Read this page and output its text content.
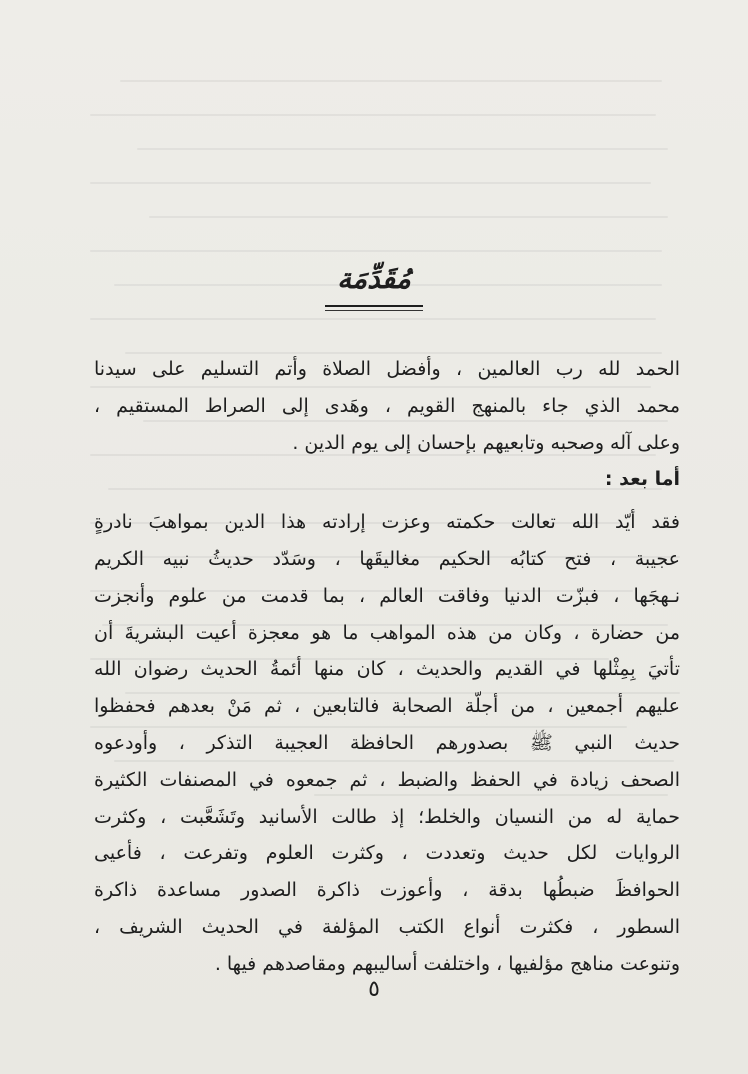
مُقَدِّمَة
الحمد لله رب العالمين ، وأفضل الصلاة وأتم التسليم على سيدنا
محمد الذي جاء بالمنهج القويم ، وهَدى إلى الصراط المستقيم ،
وعلى آله وصحبه وتابعيهم بإحسان إلى يوم الدين .
أما بعد :
فقد أيّد الله تعالت حكمته وعزت إرادته هذا الدين بمواهبَ نادرةٍ
عجيبة ، فتح كتابُه الحكيم مغاليقَها ، وسَدّد حديثُ نبيه الكريم
نـهجَها ، فبزّت الدنيا وفاقت العالم ، بما قدمت من علوم وأنجزت
من حضارة ، وكان من هذه المواهب ما هو معجزة أعيت البشريةَ أن
تأتيَ بِمِثْلها في القديم والحديث ، كان منها أئمةُ الحديث رضوان الله
عليهم أجمعين ، من أجلّة الصحابة فالتابعين ، ثم مَنْ بعدهم فحفظوا
حديث النبي ﷺ بصدورهم الحافظة العجيبة التذكر ، وأودعوه
الصحف زيادة في الحفظ والضبط ، ثم جمعوه في المصنفات الكثيرة
حماية له من النسيان والخلط؛ إذ طالت الأسانيد وتَشَعَّبت ، وكثرت
الروايات لكل حديث وتعددت ، وكثرت العلوم وتفرعت ، فأعيى
الحوافظَ ضبطُها بدقة ، وأعوزت ذاكرة الصدور مساعدة ذاكرة
السطور ، فكثرت أنواع الكتب المؤلفة في الحديث الشريف ،
وتنوعت مناهج مؤلفيها ، واختلفت أساليبهم ومقاصدهم فيها .
٥
